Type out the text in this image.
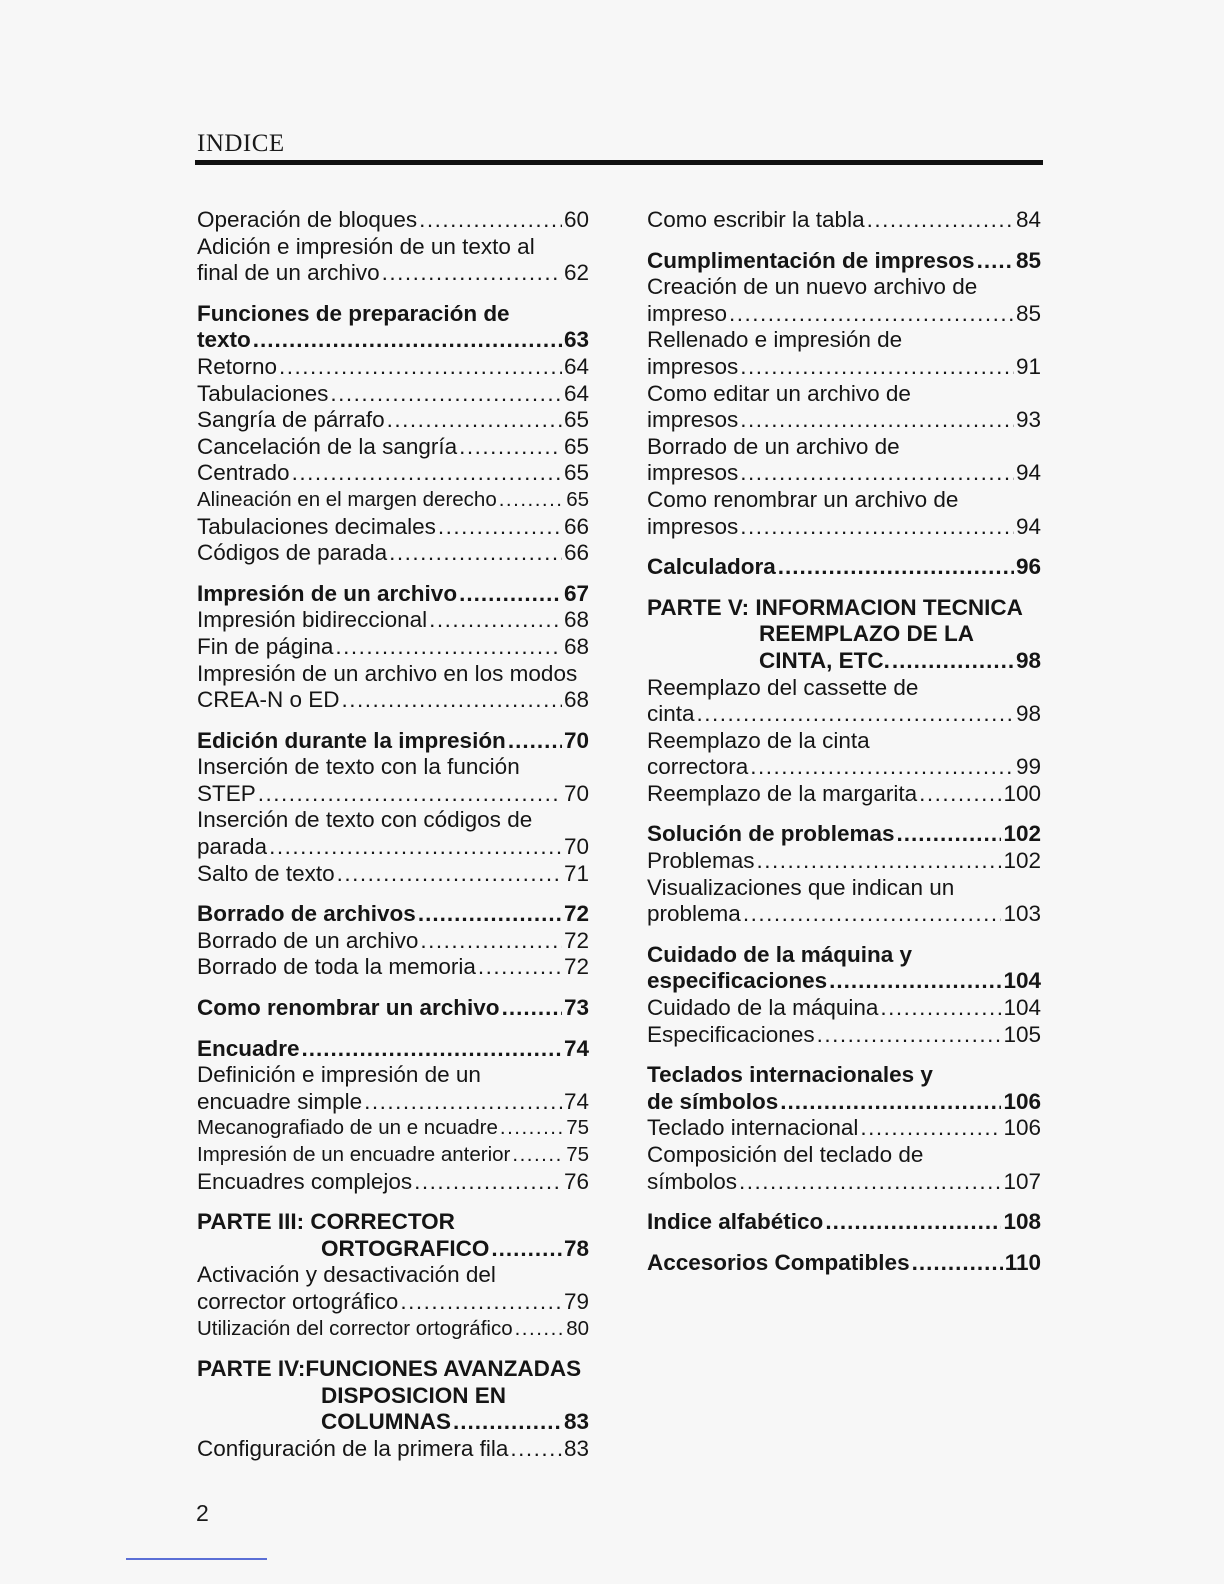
INDICE
Operación de bloques .....	60
Adición e impresión de un texto al
final de un archivo .....	62
Funciones de preparación de
texto .....	63
Retorno .....	64
Tabulaciones .....	64
Sangría de párrafo .....	65
Cancelación de la sangría .....	65
Centrado .....	65
Alineación en el margen derecho .....	65
Tabulaciones decimales .....	66
Códigos de parada .....	66
Impresión de un archivo .....	67
Impresión bidireccional .....	68
Fin de página .....	68
Impresión de un archivo en los modos
CREA-N o ED .....	68
Edición durante la impresión .....	70
Inserción de texto con la función
STEP .....	70
Inserción de texto con códigos de
parada .....	70
Salto de texto .....	71
Borrado de archivos .....	72
Borrado de un archivo .....	72
Borrado de toda la memoria .....	72
Como renombrar un archivo .....	73
Encuadre .....	74
Definición e impresión de un
encuadre simple .....	74
Mecanografiado de un e ncuadre .....	75
Impresión de un encuadre anterior .....	75
Encuadres complejos .....	76
PARTE III: CORRECTOR
ORTOGRAFICO .....	78
Activación y desactivación del
corrector ortográfico .....	79
Utilización del corrector ortográfico .....	80
PARTE IV:FUNCIONES AVANZADAS
DISPOSICION EN
COLUMNAS .....	83
Configuración de la primera fila ..... 83
Como escribir la tabla .....	84
Cumplimentación de impresos ..... 85
Creación de un nuevo archivo de
impreso .....	85
Rellenado e impresión de
impresos .....	91
Como editar un archivo de
impresos .....	93
Borrado de un archivo de
impresos .....	94
Como renombrar un archivo de
impresos .....	94
Calculadora .....	96
PARTE V: INFORMACION TECNICA
REEMPLAZO DE LA
CINTA, ETC. .....	98
Reemplazo del cassette de
cinta .....	98
Reemplazo de la cinta
correctora .....	99
Reemplazo de la margarita .....	100
Solución de problemas .....	102
Problemas .....	102
Visualizaciones que indican un
problema .....	103
Cuidado de la máquina y
especificaciones .....	104
Cuidado de la máquina .....	104
Especificaciones .....	105
Teclados internacionales y
de símbolos .....	106
Teclado internacional .....	106
Composición del teclado de
símbolos .....	107
Indice alfabético .....	108
Accesorios Compatibles .....	110
2
